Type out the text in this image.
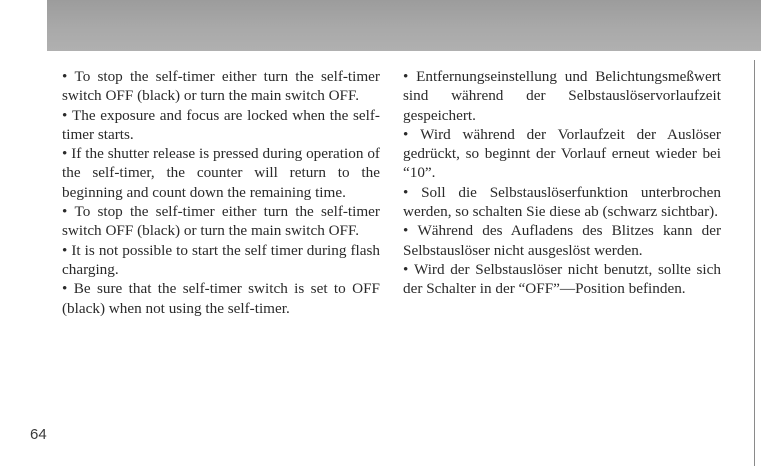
• To stop the self-timer either turn the self-timer switch OFF (black) or turn the main switch OFF.

• The exposure and focus are locked when the self-timer starts.

• If the shutter release is pressed during operation of the self-timer, the counter will return to the beginning and count down the remaining time.

• To stop the self-timer either turn the self-timer switch OFF (black) or turn the main switch OFF.

• It is not possible to start the self timer during flash charging.

• Be sure that the self-timer switch is set to OFF (black) when not using the self-timer.

• Entfernungseinstellung und Belichtungsmeßwert sind während der Selbstauslöservorlaufzeit gespeichert.

• Wird während der Vorlaufzeit der Auslöser gedrückt, so beginnt der Vorlauf erneut wieder bei “10”.

• Soll die Selbstauslöserfunktion unterbrochen werden, so schalten Sie diese ab (schwarz sichtbar).

• Während des Aufladens des Blitzes kann der Selbstauslöser nicht ausgeslöst werden.

• Wird der Selbstauslöser nicht benutzt, sollte sich der Schalter in der “OFF”—Position befinden.

64
